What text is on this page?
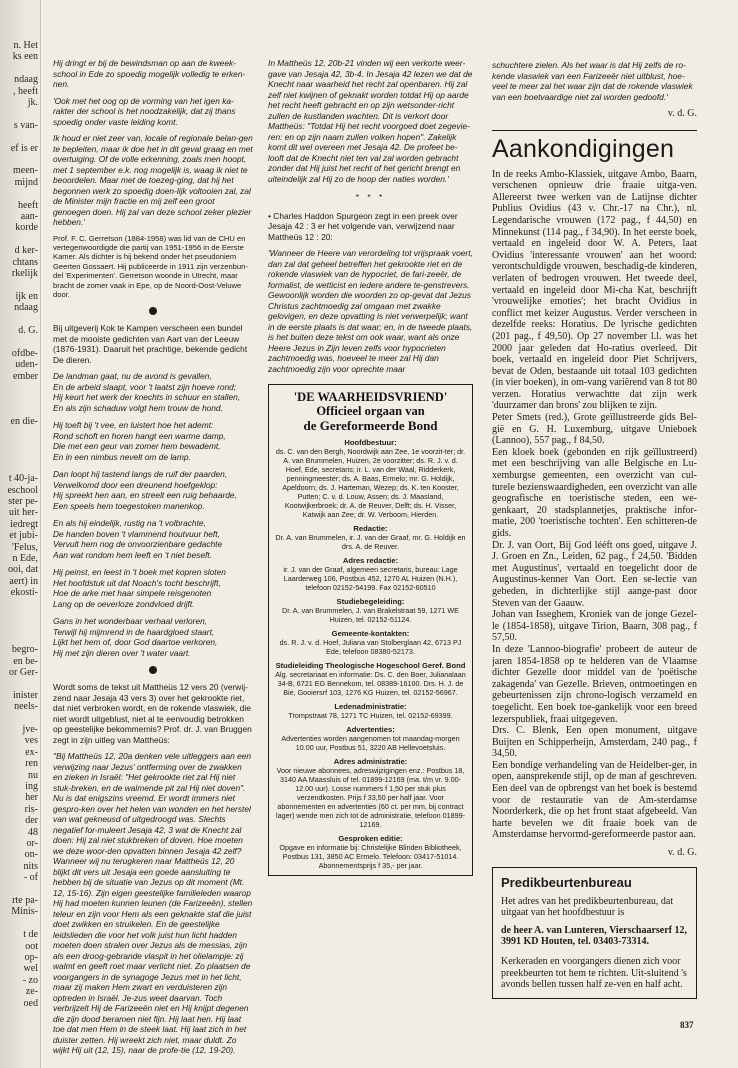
n. Het
ks een
ndaag
, heeft
jk.
s van-
ef is er
meen-
mijnd
heeft
aan-
korde
d ker-
chtans
rkelijk
ijk en
ndaag
d. G.
ofdbe-
uden-
ember
en die-
t 40-ja-
eschool
ster pe-
uit her-
iedregt
et jubi-
'Felus,
n Ede,
ooi, dat
aert) in
ekosti-
begro-
en be-
or Ger-
inister
neels-
jve-
ves
ex-
ren
nu
ing
her
ris-
der
48
or-
on-
nits
- of
rte pa-
Minis-
t de
oot
op-
wel
- zo
ze-
oed

Hij dringt er bij de bewindsman op aan de kweek-school in Ede zo spoedig mogelijk volledig te erken-nen.

'Ook met het oog op de vorming van het igen ka-rakter der school is het noodzakelijk, dat zij thans spoedig onder vaste leiding komt.

Ik houd er niet zeer van, locale of regionale belan-gen te bepleiten, maar ik doe het in dit geval graag en met overtuiging. Of de volle erkenning, zoals men hoopt, met 1 september e.k. nog mogelijk is, waag ik niet te beoordelen. Maar met de toezeg-ging, dat hij het begonnen werk zo spoedig doen-lijk voltooien zal, zal de Minister mijn fractie en mij zelf een groot genoegen doen. Hij zal van deze school zeker plezier hebben.'

Prof. F. C. Gerretson (1884-1958) was lid van de CHU en vertegenwoordigde die partij van 1951-1956 in de Eerste Kamer. Als dichter is hij bekend onder het pseudoniem Geerten Gossaert. Hij publiceerde in 1911 zijn verzenbun-del 'Experimenten'. Gerretson woonde in Utrecht, maar bracht de zomer vaak in Epe, op de Noord-Oost-Veluwe door.

Bij uitgeverij Kok te Kampen verscheen een bundel met de mooiste gedichten van Aart van der Leeuw (1876-1931). Daaruit het prachtige, bekende gedicht De dieren.

De landman gaat, nu de avond is gevallen,
En de arbeid slaapt, voor 't laatst zijn hoeve rond;
Hij keurt het werk der knechts in schuur en stallen,
En als zijn schaduw volgt hem trouw de hond.

Hij toeft bij 't vee, en luistert hoe het ademt:
Rond schoft en horen hangt een warme damp,
Die met een geur van zomer hem bewademt,
En in een nimbus nevelt om de lamp.

Dan loopt hij tastend langs de ruif der paarden,
Verwelkomd door een dreunend hoefgeklop:
Hij spreekt hen aan, en streelt een ruig behaarde,
Een speels hem toegestoken manenkop.

En als hij eindelijk, rustig na 't volbrachte,
De handen boven 't vlammend houtvuur heft,
Vervult hem nog de onvoorzienbare gedachte
Aan wat rondom hem leeft en 't niet beseft.

Hij peinst, en leest in 't boek met kopren sloten
Het hoofdstuk uit dat Noach's tocht beschrijft,
Hoe de arke met haar simpele reisgenoten
Lang op de oeverloze zondvloed drijft.

Gans in het wonderbaar verhaal verloren,
Terwijl hij mijmrend in de haardgloed staart,
Lijkt het hem of, door God daartoe verkoren,
Hij met zijn dieren over 't water vaart.

Wordt soms de tekst uit Mattheüs 12 vers 20 (verwij-zend naar Jesaja 43 vers 3) over het gekrookte riet, dat niet verbroken wordt, en de rokende vlaswiek, die niet wordt uitgeblust, niet al te eenvoudig betrokken op geestelijke bekommernis? Prof. dr. J. van Bruggen zegt in zijn uitleg van Mattheüs:

"Bij Mattheüs 12, 20a denken vele uitleggers aan een verwijzing naar Jezus' ontferming over de zwakken en zieken in Israël: "Het gekrookte riet zal Hij niet stuk-breken, en de walmende pit zal Hij niet doven". Nu is dat enigszins vreemd. Er wordt immers niet gespro-ken over het helen van wonden en het herstel van wat gekneusd of uitgedroogd was. Slechts negatief for-muleert Jesaja 42, 3 wat de Knecht zal doen: Hij zal niet stukbreken of doven. Hoe moeten we deze woor-den opvatten binnen Jesaja 42 zelf?
Wanneer wij nu terugkeren naar Mattheüs 12, 20 blijkt dit vers uit Jesaja een goede aansluiting te hebben bij de situatie van Jezus op dit moment (Mt. 12, 15-16). Zijn eigen geestelijke familieleden waarop Hij had moeten kunnen leunen (de Farizeeën), stellen teleur en zijn voor Hem als een geknakte staf die juist doet zwikken en struikelen. En de geestelijke leidslieden die voor het volk juist hun licht hadden moeten doen stralen over Jezus als de messias, zijn als een droog-gebrande vlaspit in het olielampje: zij walmt en geeft roet maar verlicht niet. Zo plaatsen de voorgangers in de synagoge Jezus met in het licht, maar zij maken Hem zwart en verduisteren zijn optreden in Israël. Je-zus weet daarvan. Toch verbrijzelt Hij de Farizeeën niet en Hij knijpt degenen die zijn dood beramen niet fijn. Hij laat hen. Hij laat toe dat men Hem in de steek laat. Hij laat zich in het duister zetten. Hij wreekt zich niet, maar duldt. Zo wijkt Hij uit (12, 15), naar de profe-tie (12, 19-20).

In Mattheüs 12, 20b-21 vinden wij een verkorte weer-gave van Jesaja 42, 3b-4. In Jesaja 42 lezen we dat de Knecht naar waarheid het recht zal openbaren. Hij zal zelf niet kwijnen of geknakt worden totdat Hij op aarde het recht heeft gebracht en op zijn wetsonder-richt zullen de kustlanden wachten. Dit is verkort door Mattheüs: "Totdat Hij het recht voorgoed doet zegevie-ren: en op zijn naam zullen volken hopen". Zakelijk komt dit wel overeen met Jesaja 42. De profeet be-looft dat de Knecht niet ten val zal worden gebracht zonder dat Hij juist het recht of het gericht brengt en uiteindelijk zal Hij zo de hoop der naties worden.'

* * *

• Charles Haddon Spurgeon zegt in een preek over Jesaja 42 : 3 er het volgende van, verwijzend naar Mattheüs 12 : 20:

'Wanneer de Heere van verordeling tot vrijspraak voert, dan zal dat geheel betreffen het gekrookte riet en de rokende vlaswiek van de hypocriet, de fari-zeeër, de formalist, de wetticist en iedere andere te-genstrevers. Gewoonlijk worden die woorden zo op-gevat dat Jezus Christus zachtmoedig zal omgaan met zwakke gelovigen, en deze opvatting is niet verwerpelijk; want in de eerste plaats is dat waar; en, in de tweede plaats, is het buiten deze tekst om ook waar, want als onze Heere Jezus in Zijn leven zelfs voor hypocrieten zachtmoedig was, hoeveel te meer zal Hij dan zachtmoedig zijn voor oprechte maar

'DE WAARHEIDSVRIEND'
Officieel orgaan van
de Gereformeerde Bond
Hoofdbestuur:

ds. C. van den Bergh, Noordwijk aan Zee, 1e voorzit-ter; dr. A. van Brummelen, Huizen, 2e voorzitter; ds. R. J. v. d. Hoef, Ede, secretaris; ir. L. van der Waal, Ridderkerk, penningmeester; ds. A. Baas, Ermelo; mr. G. Holdijk, Apeldoorn; ds. J. Harteman, Wezep; ds. K. ten Kooster, Putten; C. v. d. Louw, Assen; ds. J. Maasland, Kootwijkerbroek; dr. A. de Reuver, Delft; ds. H. Visser, Katwijk aan Zee; dr. W. Verboom, Hierden.

Redactie:

Dr. A. van Brummelen, ir. J. van der Graaf, mr. G. Holdijk en drs. A. de Reuver.

Adres redactie:

ir. J. van der Graaf, algemeen secretaris, bureau: Lage Laarderweg 106, Postbus 452, 1270 AL Huizen (N.H.), telefoon 02152-54199. Fax 02152-60510

Studiebegeleiding:

Dr. A. van Brummelen, J. van Brakelstraat 59, 1271 WE Huizen, tel. 02152-51124.

Gemeente-kontakten:

ds. R. J. v. d. Hoef, Juliana van Stolberglaan 42, 6713 PJ Ede, telefoon 08380-52173.

Studieleiding Theologische Hogeschool Geref. Bond

Alg. secretariaat en informatie: Ds. C. den Boer, Julianalaan 34-B, 6721 EG Bennekom, tel. 08389-16100. Drs. H. J. de Bie, Gooiersrf 103, 1276 KG Huizen, tel. 02152-56967.

Ledenadministratie:

Trompstraat 78, 1271 TC Huizen, tel. 02152-69399.

Advertenties:

Advertenties worden aangenomen tot maandag-morgen 10.00 uur, Postbus 51, 3220 AB Hellevoetsluis.

Adres administratie:

Voor nieuwe abonnees, adreswijzigingen enz.: Postbus 18, 3140 AA Maassluis of tel. 01899-12169 (ma. t/m vr. 9.00-12.00 uur). Losse nummers f 1,50 per stuk plus verzendkosten. Prijs f 33,50 per half jaar. Voor abonnementen en advertenties (60 ct. per mm, bij contract lager) wende men zich tot de administratie, telefoon 01899-12169.

Gesproken editie:

Opgave en informatie bij: Christelijke Blinden Bibliotheek, Postbus 131, 3850 AC Ermelo. Telefoon: 03417-51014. Abonnementsprijs f 35,- per jaar.

schuchtere zielen. Als het waar is dat Hij zelfs de ro-kende vlaswiek van een Farizeeër niet uitblust, hoe-veel te meer zal het waar zijn dat de rokende vlaswiek van een boetvaardige niet zal worden gedoofd.'

v. d. G.

Aankondigingen

In de reeks Ambo-Klassiek, uitgave Ambo, Baarn, verschenen opnieuw drie fraaie uitga-ven. Allereerst twee werken van de Latijnse dichter Publius Ovidius (43 v. Chr.-17 na Chr.), nl. Legendarische vrouwen (172 pag., f 44,50) en Minnekunst (114 pag., f 34,90). In het eerste boek, vertaald en ingeleid door W. A. Peters, laat Ovidius 'interessante vrouwen' aan het woord: verontschuldigde vrouwen, beschadig-de kinderen, verlaten of bedrogen vrouwen. Het tweede deel, vertaald en ingeleid door Mi-cha Kat, beschrijft 'vrouwelijke emoties'; het bracht Ovidius in conflict met keizer Augustus. Verder verscheen in dezelfde reeks: Horatius. De lyrische gedichten (201 pag., f 49,50). Op 27 november l.l. was het 2000 jaar geleden dat Ho-ratius overleed. Dit boek, vertaald en ingeleid door Piet Schrijvers, bevat de Oden, bestaande uit totaal 103 gedichten (in vier boeken), in om-vang variërend van 8 tot 80 verzen. Horatius verwachtte dat zijn werk 'duurzamer dan brons' zou blijken te zijn.

Peter Smets (red.), Grote geïllustreerde gids Bel-gië en G. H. Luxemburg, uitgave Unieboek (Lannoo), 557 pag., f 84,50.

Een kloek boek (gebonden en rijk geïllustreerd) met een beschrijving van alle Belgische en Lu-xemburgse gemeenten, een overzicht van cul-turele bezienswaardigheden, een overzicht van alle geografische en toeristische steden, een we-genkaart, 20 stadsplannetjes, praktische infor-matie, 200 'toeristische tochten'. Een schitteren-de gids.

Dr. J. van Oort, Bij God lééft ons goed, uitgave J. J. Groen en Zn., Leiden, 62 pag., f 24,50. 'Bidden met Augustinus', vertaald en toegelicht door de Augustinus-kenner Van Oort. Een se-lectie van gebeden, in dichterlijke stijl aange-past door Steven van der Gaauw.

Johan van Isseghem, Kroniek van de jonge Gezel-le (1854-1858), uitgave Tirion, Baarn, 308 pag., f 57,50.

In deze 'Lannoo-biografie' probeert de auteur de jaren 1854-1858 op te helderen van de Vlaamse dichter Gezelle door middel van de 'poëtische zakagenda' van Gezelle. Brieven, ontmoetingen en gebeurtenissen zijn chrono-logisch verzameld en toegelicht. Een boek toe-gankelijk voor een breed lezerspubliek, fraai uitgegeven.

Drs. C. Blenk, Een open monument, uitgave Buijten en Schipperheijn, Amsterdam, 240 pag., f 34,50.

Een bondige verhandeling van de Heidelber-ger, in open, aansprekende stijl, op de man af geschreven. Een deel van de opbrengst van het boek is bestemd voor de restauratie van de Am-sterdamse Noorderkerk, die op het front staat afgebeeld. Van harte bevelen we dit fraaie boek van de Amsterdamse hervormd-gereformeerde pastor aan.

v. d. G.

Predikbeurtenbureau

Het adres van het predikbeurtenbureau, dat uitgaat van het hoofdbestuur is

de heer A. van Lunteren, Vierschaarserf 12, 3991 KD Houten, tel. 03403-73314.

Kerkeraden en voorgangers dienen zich voor preekbeurten tot hem te richten. Uit-sluitend 's avonds bellen tussen half ze-ven en half acht.

837
